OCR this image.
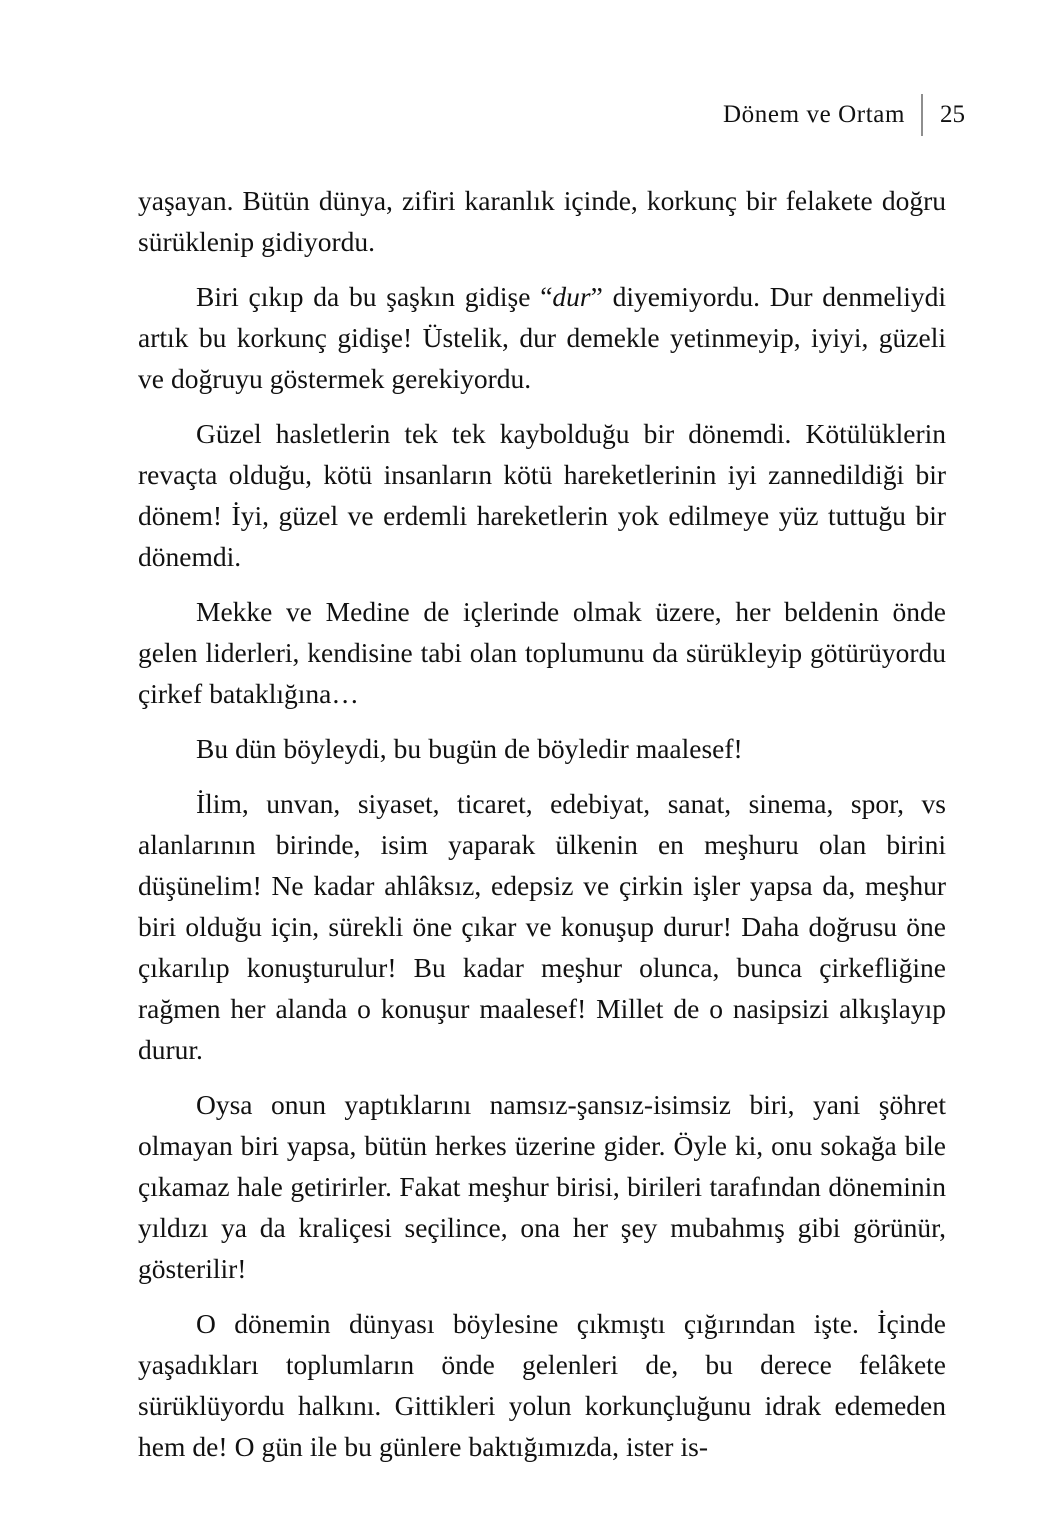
Dönem ve Ortam	25

yaşayan. Bütün dünya, zifiri karanlık içinde, korkunç bir felakete doğru sürüklenip gidiyordu.

Biri çıkıp da bu şaşkın gidişe “dur” diyemiyordu. Dur denmeliydi artık bu korkunç gidişe! Üstelik, dur demekle yetinmeyip, iyiyi, güzeli ve doğruyu göstermek gerekiyordu.

Güzel hasletlerin tek tek kaybolduğu bir dönemdi. Kötülüklerin revaçta olduğu, kötü insanların kötü hareketlerinin iyi zannedildiği bir dönem! İyi, güzel ve erdemli hareketlerin yok edilmeye yüz tuttuğu bir dönemdi.

Mekke ve Medine de içlerinde olmak üzere, her beldenin önde gelen liderleri, kendisine tabi olan toplumunu da sürükleyip götürüyordu çirkef bataklığına…

Bu dün böyleydi, bu bugün de böyledir maalesef!

İlim, unvan, siyaset, ticaret, edebiyat, sanat, sinema, spor, vs alanlarının birinde, isim yaparak ülkenin en meşhuru olan birini düşünelim! Ne kadar ahlâksız, edepsiz ve çirkin işler yapsa da, meşhur biri olduğu için, sürekli öne çıkar ve konuşup durur! Daha doğrusu öne çıkarılıp konuşturulur! Bu kadar meşhur olunca, bunca çirkefliğine rağmen her alanda o konuşur maalesef! Millet de o nasipsizi alkışlayıp durur.

Oysa onun yaptıklarını namsız-şansız-isimsiz biri, yani şöhret olmayan biri yapsa, bütün herkes üzerine gider. Öyle ki, onu sokağa bile çıkamaz hale getirirler. Fakat meşhur birisi, birileri tarafından döneminin yıldızı ya da kraliçesi seçilince, ona her şey mubahmış gibi görünür, gösterilir!

O dönemin dünyası böylesine çıkmıştı çığırından işte. İçinde yaşadıkları toplumların önde gelenleri de, bu derece felâkete sürüklüyordu halkını. Gittikleri yolun korkunçluğunu idrak edemeden hem de! O gün ile bu günlere baktığımızda, ister is-
